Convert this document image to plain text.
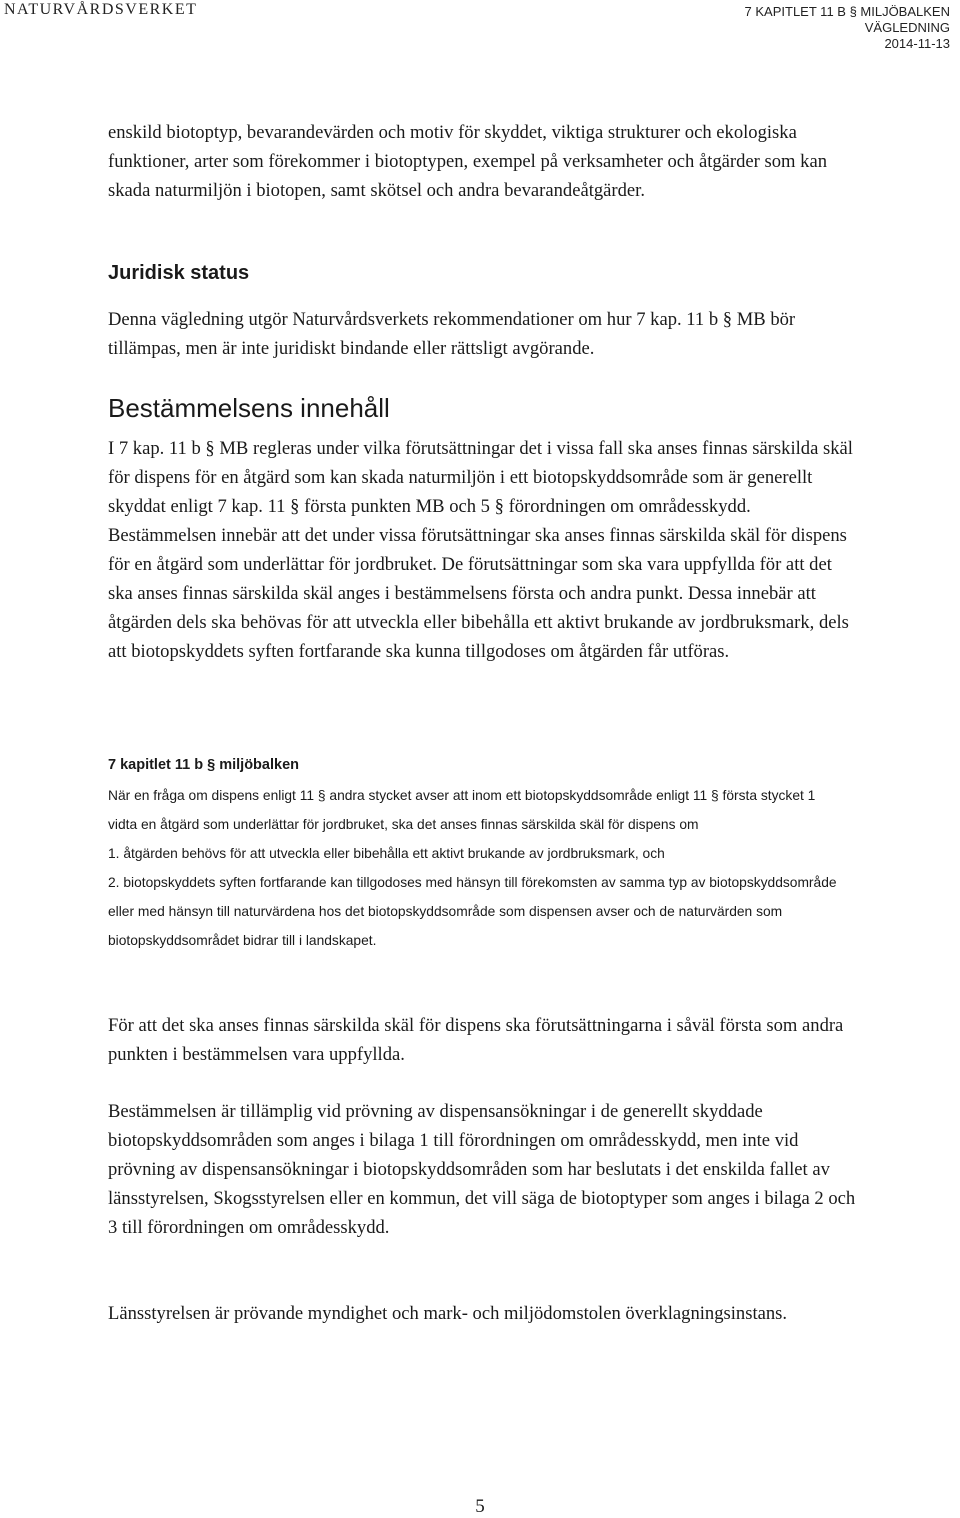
NATURVÅRDSVERKET	7 KAPITLET 11 B § MILJÖBALKEN
VÄGLEDNING
2014-11-13

enskild biotoptyp, bevarandevärden och motiv för skyddet, viktiga strukturer och ekologiska funktioner, arter som förekommer i biotoptypen, exempel på verksamheter och åtgärder som kan skada naturmiljön i biotopen, samt skötsel och andra bevarandeåtgärder.

Juridisk status

Denna vägledning utgör Naturvårdsverkets rekommendationer om hur 7 kap. 11 b § MB bör tillämpas, men är inte juridiskt bindande eller rättsligt avgörande.

Bestämmelsens innehåll

I 7 kap. 11 b § MB regleras under vilka förutsättningar det i vissa fall ska anses finnas särskilda skäl för dispens för en åtgärd som kan skada naturmiljön i ett biotopskyddsområde som är generellt skyddat enligt 7 kap. 11 § första punkten MB och 5 § förordningen om områdesskydd. Bestämmelsen innebär att det under vissa förutsättningar ska anses finnas särskilda skäl för dispens för en åtgärd som underlättar för jordbruket. De förutsättningar som ska vara uppfyllda för att det ska anses finnas särskilda skäl anges i bestämmelsens första och andra punkt. Dessa innebär att åtgärden dels ska behövas för att utveckla eller bibehålla ett aktivt brukande av jordbruksmark, dels att biotopskyddets syften fortfarande ska kunna tillgodoses om åtgärden får utföras.

7 kapitlet 11 b § miljöbalken

När en fråga om dispens enligt 11 § andra stycket avser att inom ett biotopskyddsområde enligt 11 § första stycket 1 vidta en åtgärd som underlättar för jordbruket, ska det anses finnas särskilda skäl för dispens om

1. åtgärden behövs för att utveckla eller bibehålla ett aktivt brukande av jordbruksmark, och

2. biotopskyddets syften fortfarande kan tillgodoses med hänsyn till förekomsten av samma typ av biotopskyddsområde eller med hänsyn till naturvärdena hos det biotopskyddsområde som dispensen avser och de naturvärden som biotopskyddsområdet bidrar till i landskapet.

För att det ska anses finnas särskilda skäl för dispens ska förutsättningarna i såväl första som andra punkten i bestämmelsen vara uppfyllda.

Bestämmelsen är tillämplig vid prövning av dispensansökningar i de generellt skyddade biotopskyddsområden som anges i bilaga 1 till förordningen om områdesskydd, men inte vid prövning av dispensansökningar i biotopskyddsområden som har beslutats i det enskilda fallet av länsstyrelsen, Skogsstyrelsen eller en kommun, det vill säga de biotoptyper som anges i bilaga 2 och 3 till förordningen om områdesskydd.

Länsstyrelsen är prövande myndighet och mark- och miljödomstolen överklagningsinstans.

5
